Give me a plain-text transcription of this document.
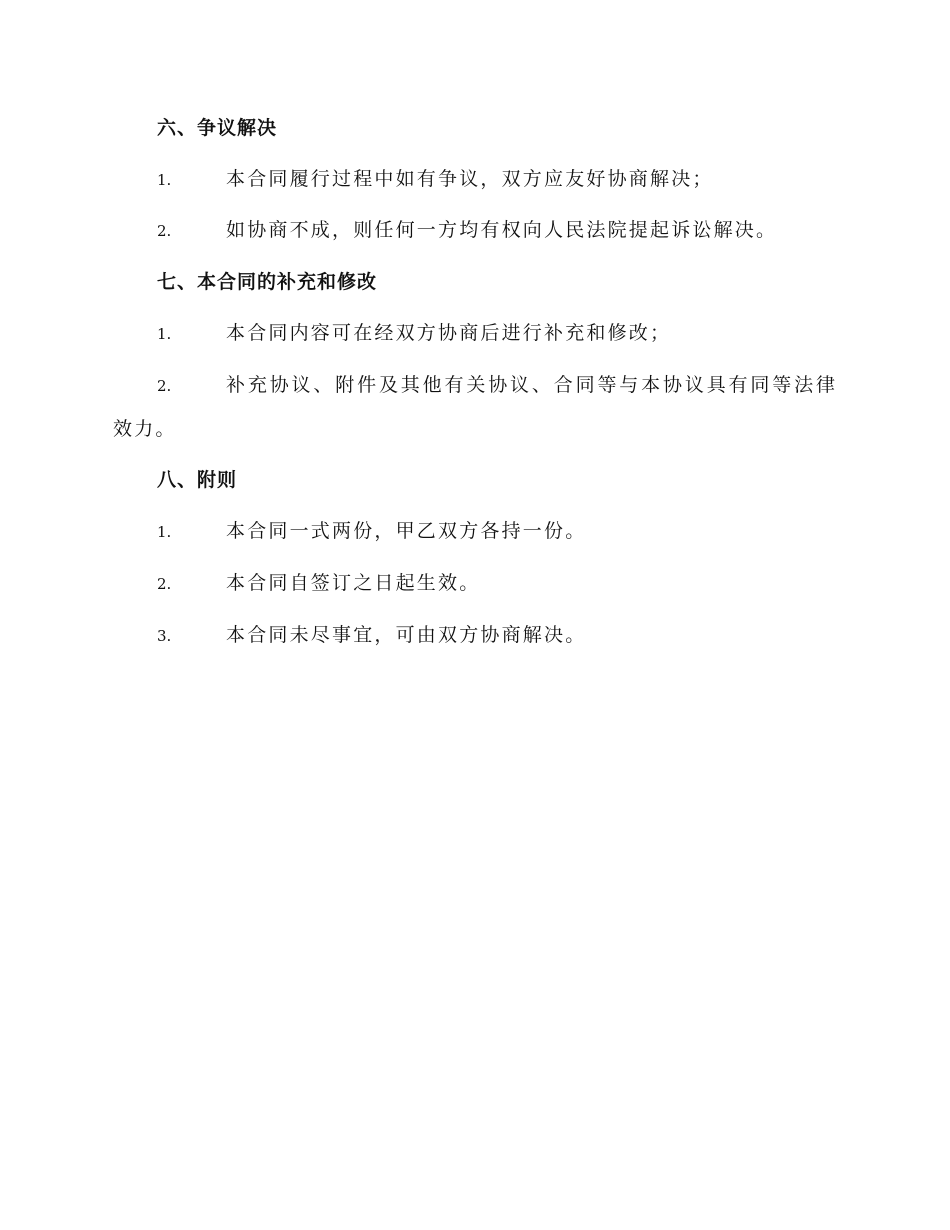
六、争议解决
1.	本合同履行过程中如有争议，双方应友好协商解决；
2.	如协商不成，则任何一方均有权向人民法院提起诉讼解决。
七、本合同的补充和修改
1.	本合同内容可在经双方协商后进行补充和修改；
2.	补充协议、附件及其他有关协议、合同等与本协议具有同等法律
效力。
八、附则
1.	本合同一式两份，甲乙双方各持一份。
2.	本合同自签订之日起生效。
3.	本合同未尽事宜，可由双方协商解决。
